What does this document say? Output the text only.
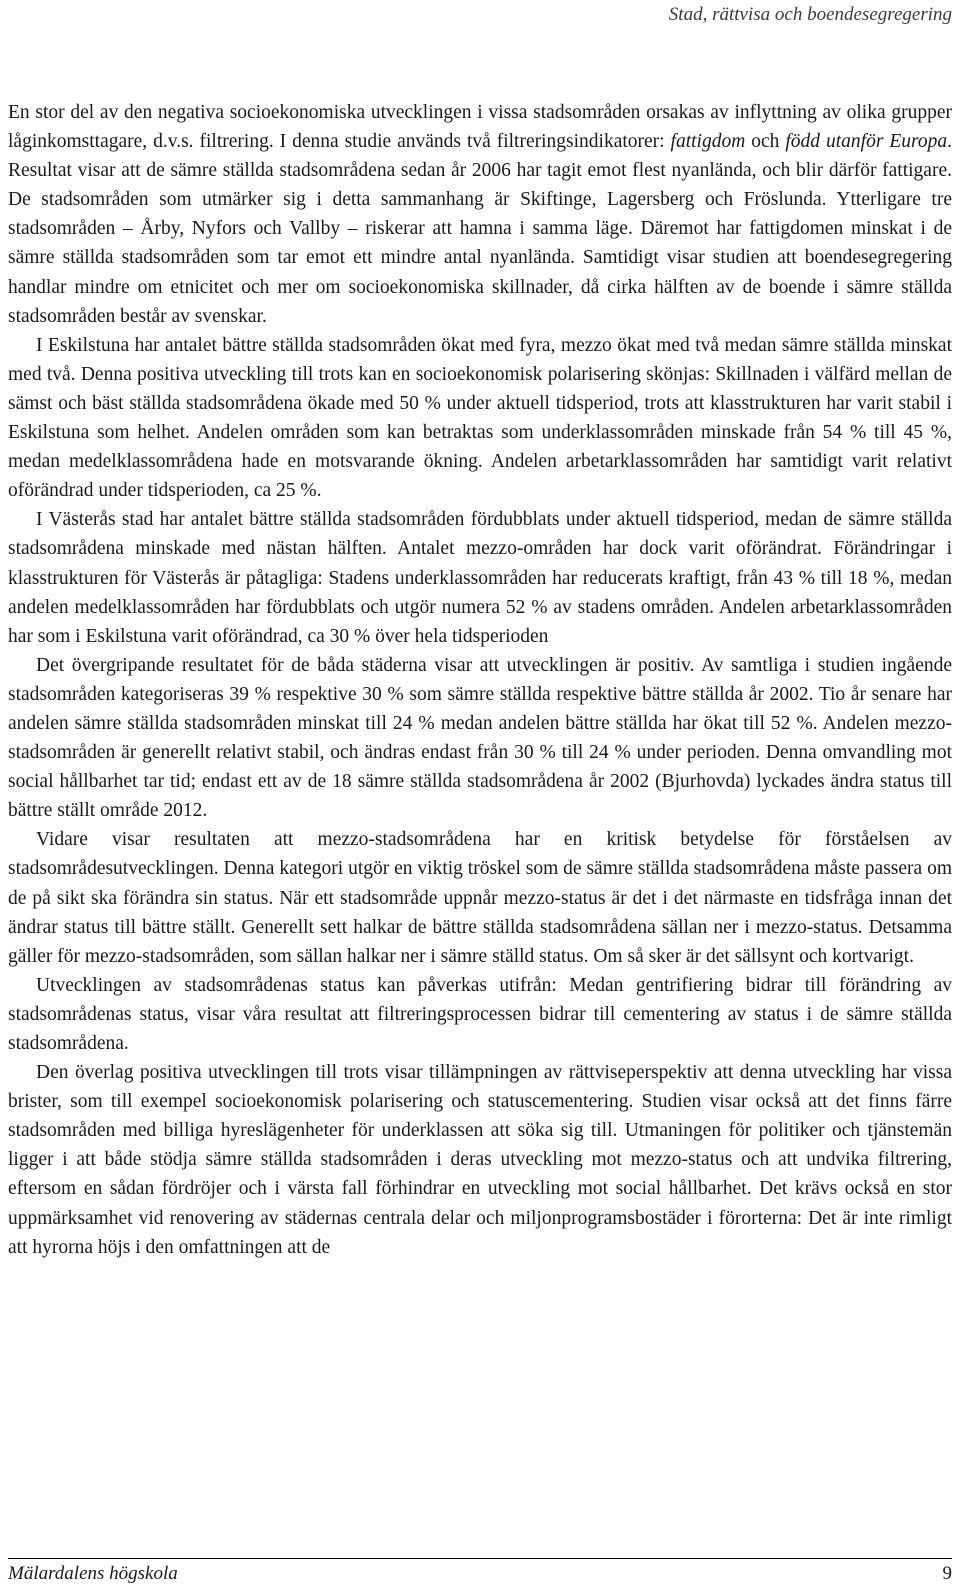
Stad, rättvisa och boendesegregering

En stor del av den negativa socioekonomiska utvecklingen i vissa stadsområden orsakas av inflyttning av olika grupper låginkomsttagare, d.v.s. filtrering. I denna studie används två filtreringsindikatorer: fattigdom och född utanför Europa. Resultat visar att de sämre ställda stadsområdena sedan år 2006 har tagit emot flest nyanlända, och blir därför fattigare. De stadsområden som utmärker sig i detta sammanhang är Skiftinge, Lagersberg och Fröslunda. Ytterligare tre stadsområden – Årby, Nyfors och Vallby – riskerar att hamna i samma läge. Däremot har fattigdomen minskat i de sämre ställda stadsområden som tar emot ett mindre antal nyanlända. Samtidigt visar studien att boendesegregering handlar mindre om etnicitet och mer om socioekonomiska skillnader, då cirka hälften av de boende i sämre ställda stadsområden består av svenskar.

I Eskilstuna har antalet bättre ställda stadsområden ökat med fyra, mezzo ökat med två medan sämre ställda minskat med två. Denna positiva utveckling till trots kan en socioekonomisk polarisering skönjas: Skillnaden i välfärd mellan de sämst och bäst ställda stadsområdena ökade med 50 % under aktuell tidsperiod, trots att klasstrukturen har varit stabil i Eskilstuna som helhet. Andelen områden som kan betraktas som underklassområden minskade från 54 % till 45 %, medan medelklassområdena hade en motsvarande ökning. Andelen arbetarklassområden har samtidigt varit relativt oförändrad under tidsperioden, ca 25 %.

I Västerås stad har antalet bättre ställda stadsområden fördubblats under aktuell tidsperiod, medan de sämre ställda stadsområdena minskade med nästan hälften. Antalet mezzo-områden har dock varit oförändrat. Förändringar i klasstrukturen för Västerås är påtagliga: Stadens underklassområden har reducerats kraftigt, från 43 % till 18 %, medan andelen medelklassområden har fördubblats och utgör numera 52 % av stadens områden. Andelen arbetarklassområden har som i Eskilstuna varit oförändrad, ca 30 % över hela tidsperioden

Det övergripande resultatet för de båda städerna visar att utvecklingen är positiv. Av samtliga i studien ingående stadsområden kategoriseras 39 % respektive 30 % som sämre ställda respektive bättre ställda år 2002. Tio år senare har andelen sämre ställda stadsområden minskat till 24 % medan andelen bättre ställda har ökat till 52 %. Andelen mezzo-stadsområden är generellt relativt stabil, och ändras endast från 30 % till 24 % under perioden. Denna omvandling mot social hållbarhet tar tid; endast ett av de 18 sämre ställda stadsområdena år 2002 (Bjurhovda) lyckades ändra status till bättre ställt område 2012.

Vidare visar resultaten att mezzo-stadsområdena har en kritisk betydelse för förståelsen av stadsområdesutvecklingen. Denna kategori utgör en viktig tröskel som de sämre ställda stadsområdena måste passera om de på sikt ska förändra sin status. När ett stadsområde uppnår mezzo-status är det i det närmaste en tidsfråga innan det ändrar status till bättre ställt. Generellt sett halkar de bättre ställda stadsområdena sällan ner i mezzo-status. Detsamma gäller för mezzo-stadsområden, som sällan halkar ner i sämre ställd status. Om så sker är det sällsynt och kortvarigt.

Utvecklingen av stadsområdenas status kan påverkas utifrån: Medan gentrifiering bidrar till förändring av stadsområdenas status, visar våra resultat att filtreringsprocessen bidrar till cementering av status i de sämre ställda stadsområdena.

Den överlag positiva utvecklingen till trots visar tillämpningen av rättviseperspektiv att denna utveckling har vissa brister, som till exempel socioekonomisk polarisering och statuscementering. Studien visar också att det finns färre stadsområden med billiga hyreslägenheter för underklassen att söka sig till. Utmaningen för politiker och tjänstemän ligger i att både stödja sämre ställda stadsområden i deras utveckling mot mezzo-status och att undvika filtrering, eftersom en sådan fördröjer och i värsta fall förhindrar en utveckling mot social hållbarhet. Det krävs också en stor uppmärksamhet vid renovering av städernas centrala delar och miljonprogramsbostäder i förorterna: Det är inte rimligt att hyrorna höjs i den omfattningen att de

Mälardalens högskola	9
